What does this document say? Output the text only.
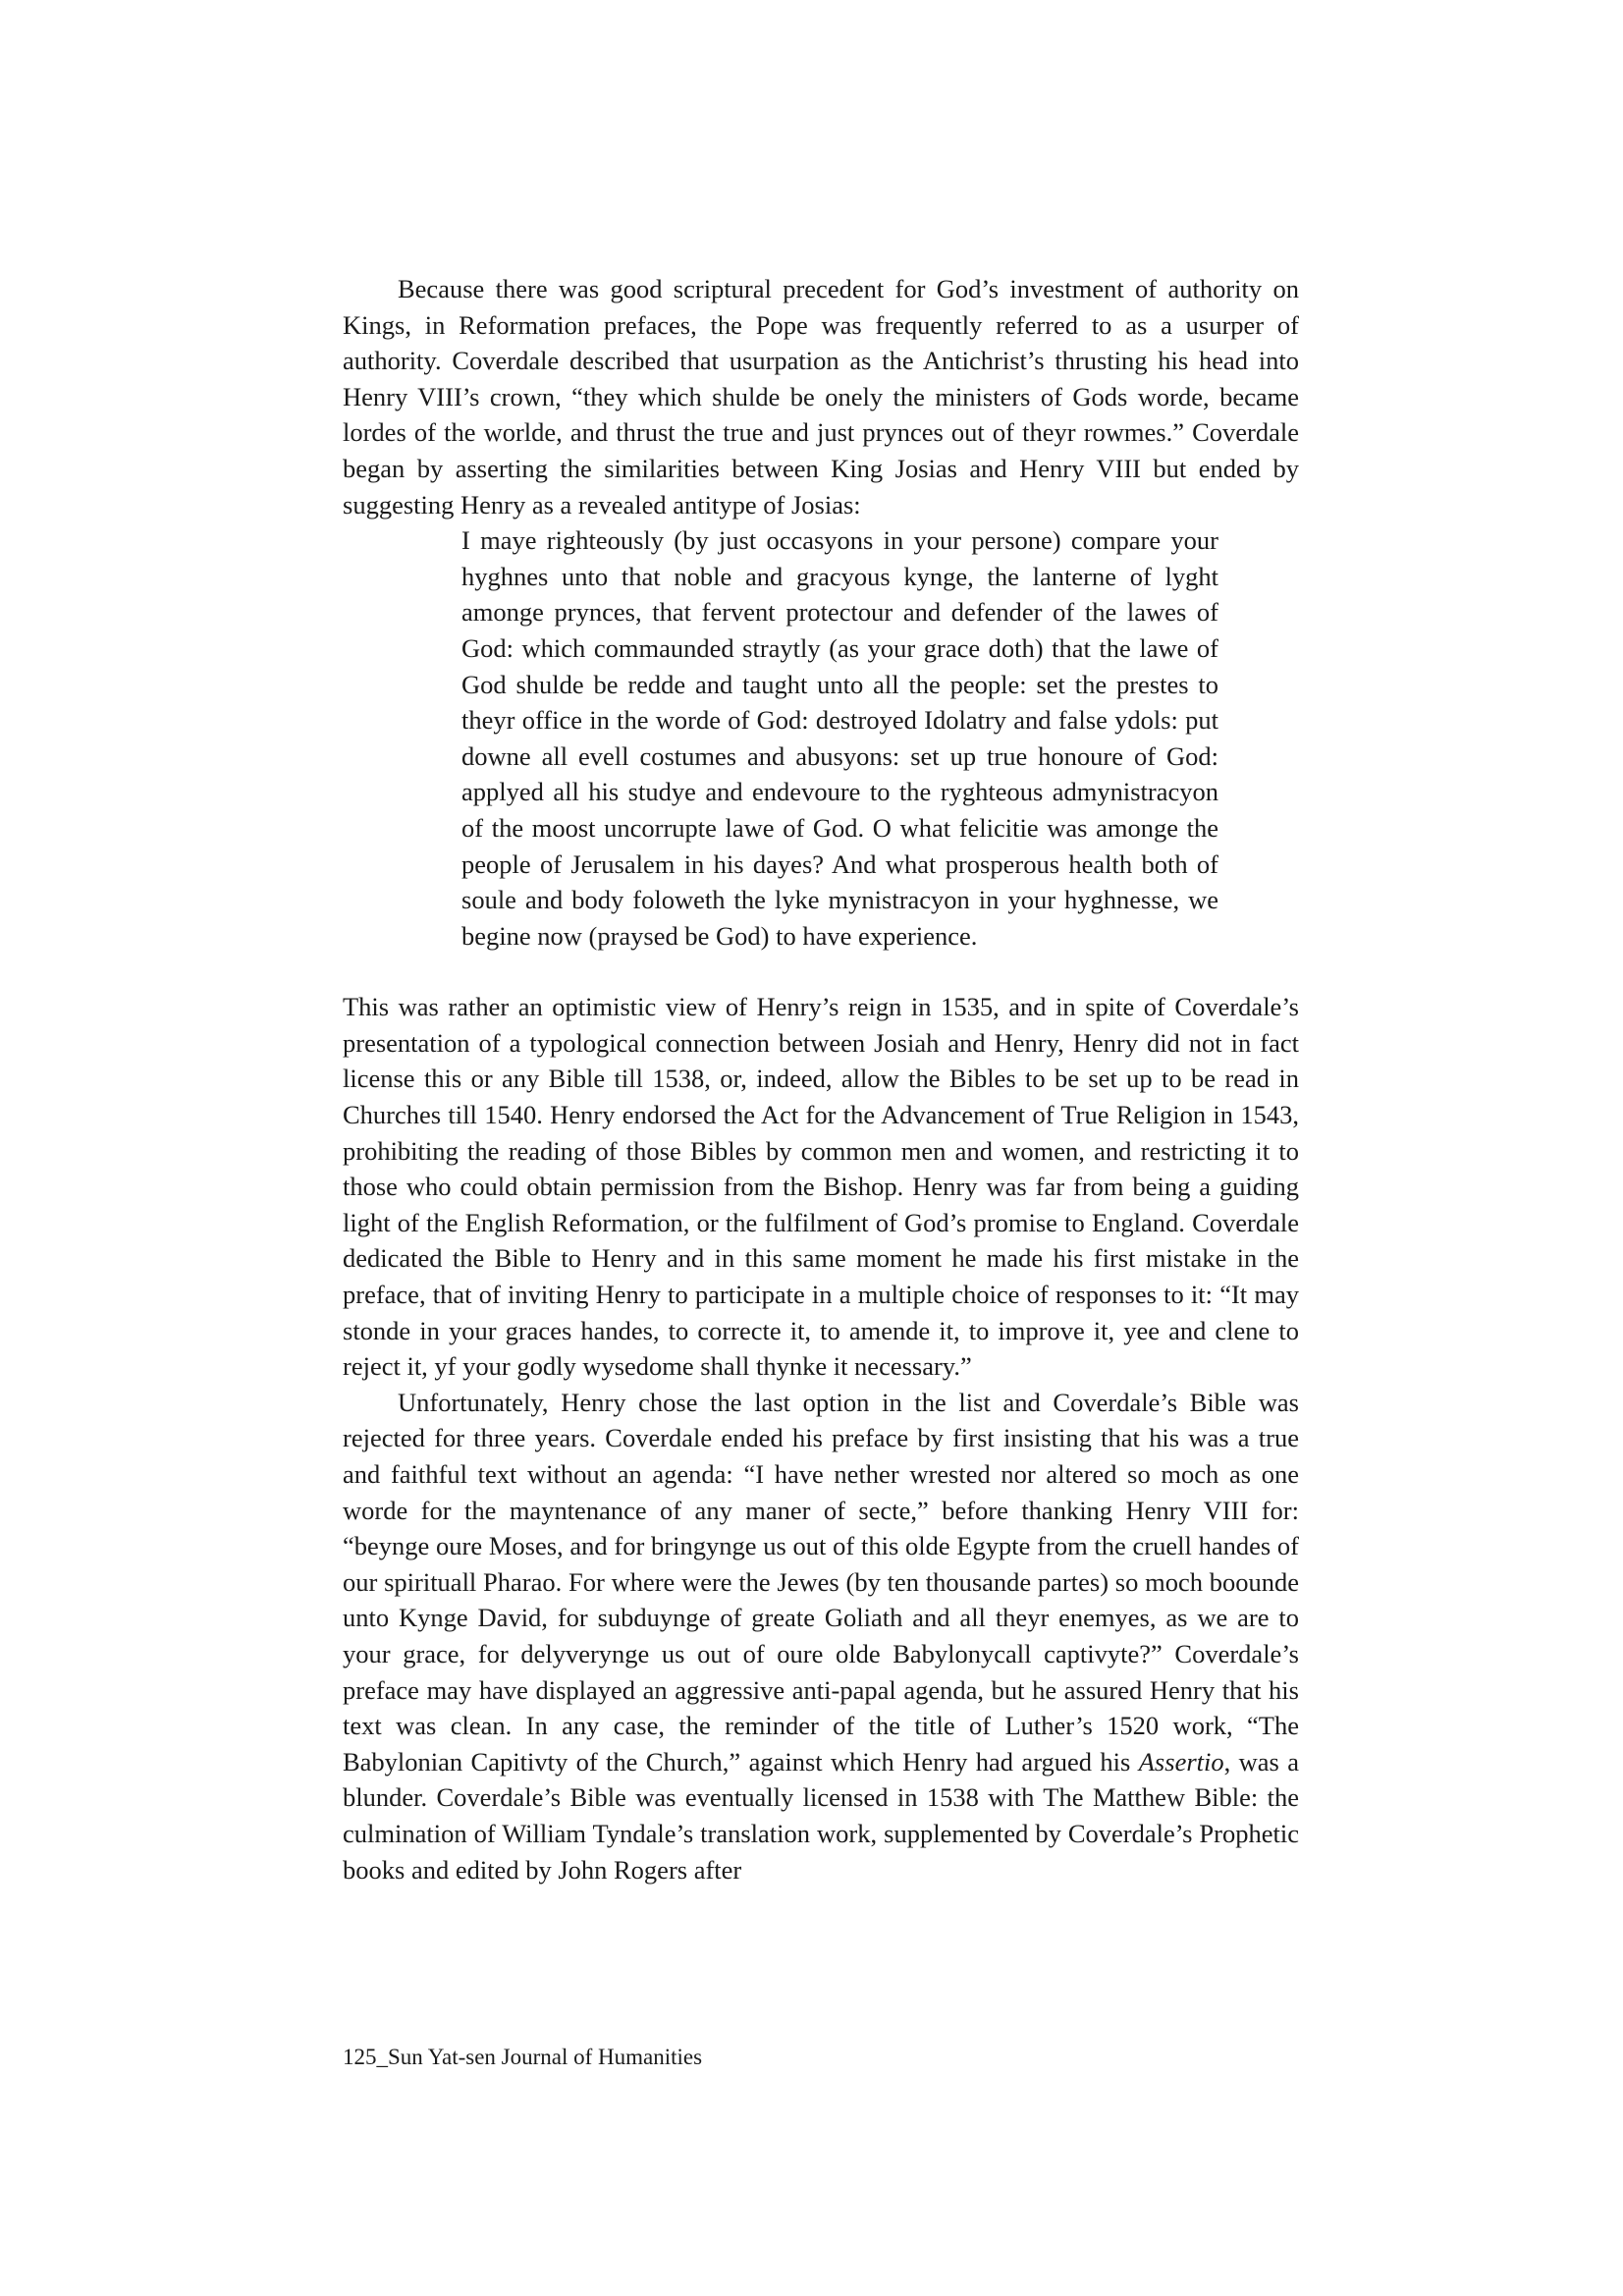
Because there was good scriptural precedent for God’s investment of authority on Kings, in Reformation prefaces, the Pope was frequently referred to as a usurper of authority. Coverdale described that usurpation as the Antichrist’s thrusting his head into Henry VIII’s crown, “they which shulde be onely the ministers of Gods worde, became lordes of the worlde, and thrust the true and just prynces out of theyr rowmes.” Coverdale began by asserting the similarities between King Josias and Henry VIII but ended by suggesting Henry as a revealed antitype of Josias:

I maye righteously (by just occasyons in your persone) compare your hyghnes unto that noble and gracyous kynge, the lanterne of lyght amonge prynces, that fervent protectour and defender of the lawes of God: which commaunded straytly (as your grace doth) that the lawe of God shulde be redde and taught unto all the people: set the prestes to theyr office in the worde of God: destroyed Idolatry and false ydols: put downe all evell costumes and abusyons: set up true honoure of God: applyed all his studye and endevoure to the ryghteous admynistracyon of the moost uncorrupte lawe of God. O what felicitie was amonge the people of Jerusalem in his dayes? And what prosperous health both of soule and body foloweth the lyke mynistracyon in your hyghnesse, we begine now (praysed be God) to have experience.

This was rather an optimistic view of Henry’s reign in 1535, and in spite of Coverdale’s presentation of a typological connection between Josiah and Henry, Henry did not in fact license this or any Bible till 1538, or, indeed, allow the Bibles to be set up to be read in Churches till 1540. Henry endorsed the Act for the Advancement of True Religion in 1543, prohibiting the reading of those Bibles by common men and women, and restricting it to those who could obtain permission from the Bishop. Henry was far from being a guiding light of the English Reformation, or the fulfilment of God’s promise to England. Coverdale dedicated the Bible to Henry and in this same moment he made his first mistake in the preface, that of inviting Henry to participate in a multiple choice of responses to it: “It may stonde in your graces handes, to correcte it, to amende it, to improve it, yee and clene to reject it, yf your godly wysedome shall thynke it necessary.”

Unfortunately, Henry chose the last option in the list and Coverdale’s Bible was rejected for three years. Coverdale ended his preface by first insisting that his was a true and faithful text without an agenda: “I have nether wrested nor altered so moch as one worde for the mayntenance of any maner of secte,” before thanking Henry VIII for: “beynge oure Moses, and for bringynge us out of this olde Egypte from the cruell handes of our spirituall Pharao. For where were the Jewes (by ten thousande partes) so moch boounde unto Kynge David, for subduynge of greate Goliath and all theyr enemyes, as we are to your grace, for delyverynge us out of oure olde Babylonycall captivyte?” Coverdale’s preface may have displayed an aggressive anti-papal agenda, but he assured Henry that his text was clean. In any case, the reminder of the title of Luther’s 1520 work, “The Babylonian Capitivty of the Church,” against which Henry had argued his Assertio, was a blunder. Coverdale’s Bible was eventually licensed in 1538 with The Matthew Bible: the culmination of William Tyndale’s translation work, supplemented by Coverdale’s Prophetic books and edited by John Rogers after

125_Sun Yat-sen Journal of Humanities
